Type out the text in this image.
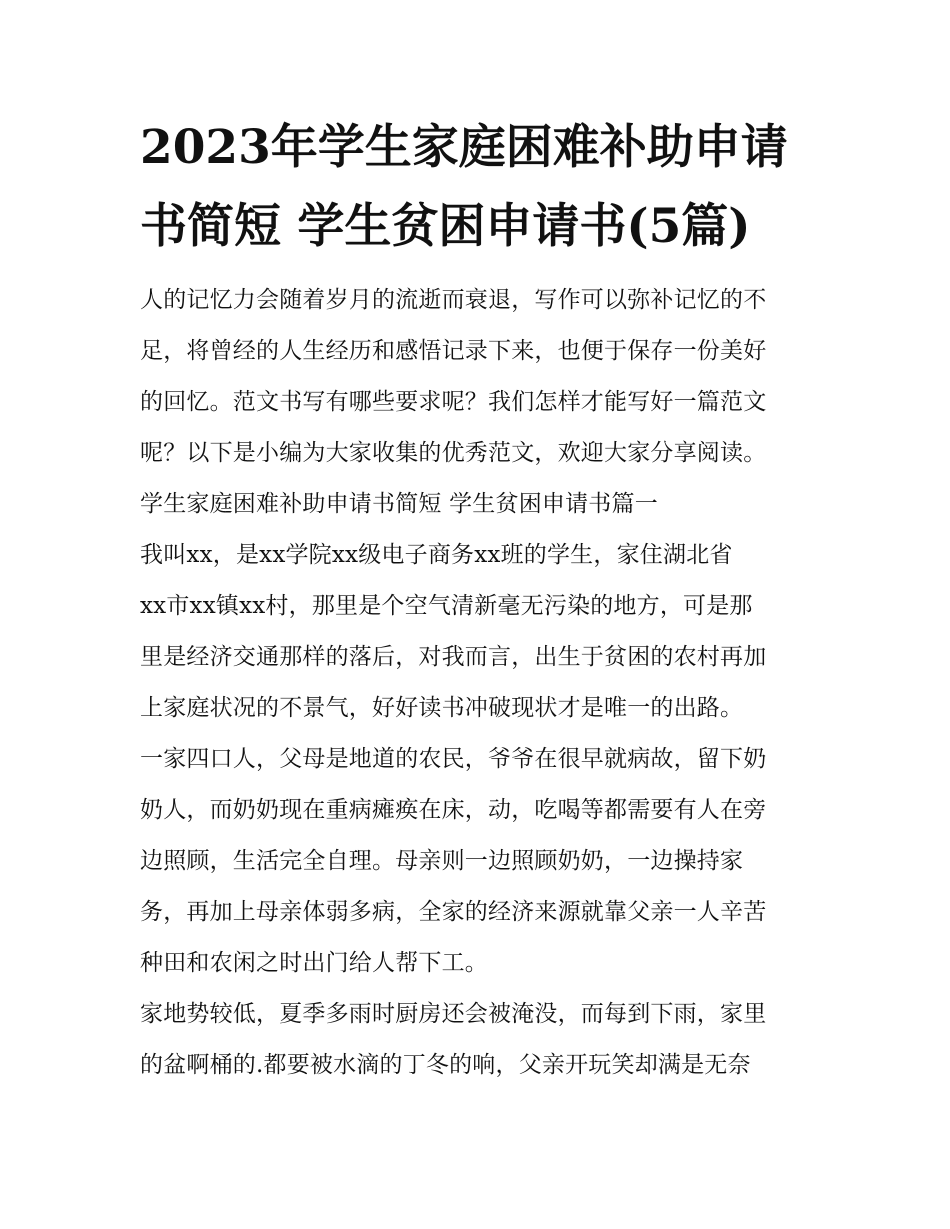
2023年学生家庭困难补助申请
书简短 学生贫困申请书(5篇)
人的记忆力会随着岁月的流逝而衰退，写作可以弥补记忆的不
足，将曾经的人生经历和感悟记录下来，也便于保存一份美好
的回忆。范文书写有哪些要求呢？我们怎样才能写好一篇范文
呢？以下是小编为大家收集的优秀范文，欢迎大家分享阅读。
学生家庭困难补助申请书简短 学生贫困申请书篇一
我叫xx，是xx学院xx级电子商务xx班的学生，家住湖北省
xx市xx镇xx村，那里是个空气清新毫无污染的地方，可是那
里是经济交通那样的落后，对我而言，出生于贫困的农村再加
上家庭状况的不景气，好好读书冲破现状才是唯一的出路。
一家四口人，父母是地道的农民，爷爷在很早就病故，留下奶
奶人，而奶奶现在重病瘫痪在床，动，吃喝等都需要有人在旁
边照顾，生活完全自理。母亲则一边照顾奶奶，一边操持家
务，再加上母亲体弱多病，全家的经济来源就靠父亲一人辛苦
种田和农闲之时出门给人帮下工。
家地势较低，夏季多雨时厨房还会被淹没，而每到下雨，家里
的盆啊桶的.都要被水滴的丁冬的响，父亲开玩笑却满是无奈
